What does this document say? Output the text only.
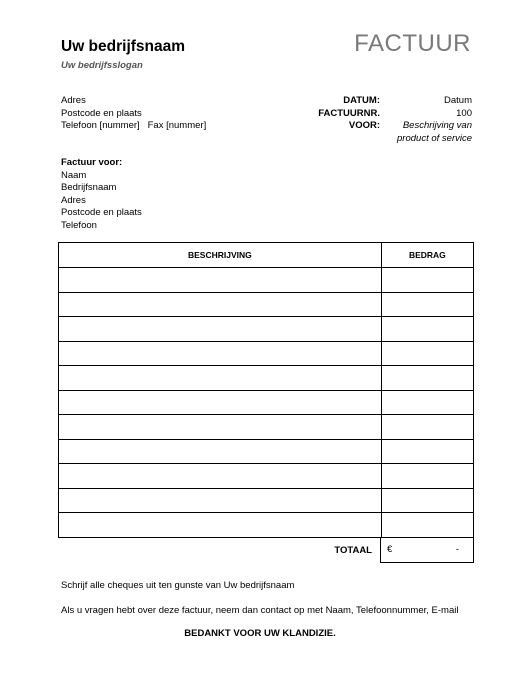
Uw bedrijfsnaam
Uw bedrijfsslogan
FACTUUR
Adres
Postcode en plaats
Telefoon [nummer] Fax [nummer]
DATUM:	Datum
FACTUURNR.	100
VOOR:	Beschrijving van
product of service
Factuur voor:
Naam
Bedrijfsnaam
Adres
Postcode en plaats
Telefoon
BESCHRIJVING	BEDRAG

TOTAAL €	-
Schrijf alle cheques uit ten gunste van Uw bedrijfsnaam
Als u vragen hebt over deze factuur, neem dan contact op met Naam, Telefoonnummer, E-mail
BEDANKT VOOR UW KLANDIZIE.
